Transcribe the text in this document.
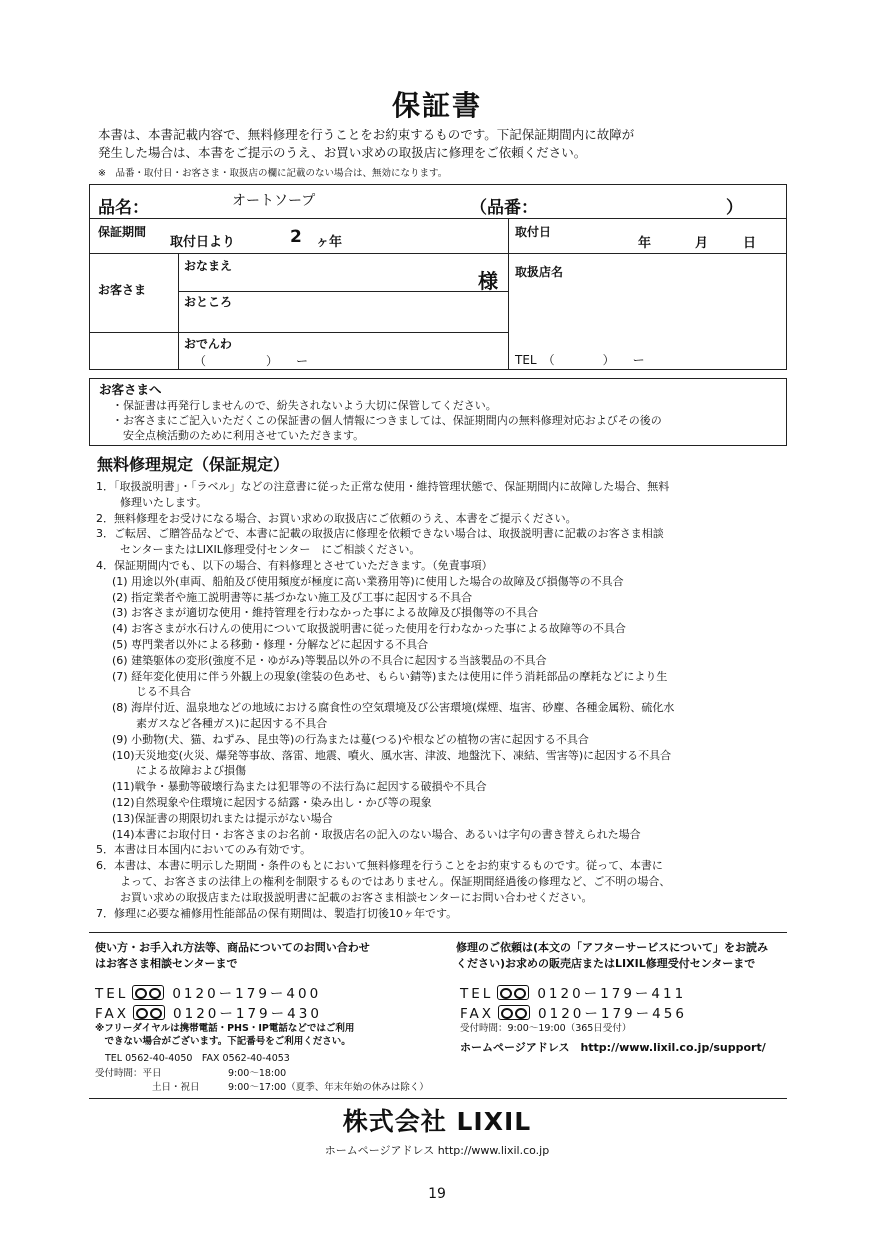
保証書
本書は、本書記載内容で、無料修理を行うことをお約束するものです。下記保証期間内に故障が
発生した場合は、本書をご提示のうえ、お買い求めの取扱店に修理をご依頼ください。
※　品番・取付日・お客さま・取扱店の欄に記載のない場合は、無効になります。
品名：	オートソープ	（品番：	）
保証期間
取付日より	2 ヶ年
取付日
年	月	日
お客さま
おなまえ
様
おところ
おでんわ
（　　　　　）　　ー
取扱店名
TEL　（　　　　）　　ー
お客さまへ
・保証書は再発行しませんので、紛失されないよう大切に保管してください。
・お客さまにご記入いただくこの保証書の個人情報につきましては、保証期間内の無料修理対応およびその後の
　安全点検活動のために利用させていただきます。
無料修理規定（保証規定）
1．「取扱説明書」・「ラベル」などの注意書に従った正常な使用・維持管理状態で、保証期間内に故障した場合、無料
修理いたします。
2．無料修理をお受けになる場合、お買い求めの取扱店にご依頼のうえ、本書をご提示ください。
3．ご転居、ご贈答品などで、本書に記載の取扱店に修理を依頼できない場合は、取扱説明書に記載のお客さま相談
センターまたはLIXIL修理受付センター　にご相談ください。
4．保証期間内でも、以下の場合、有料修理とさせていただきます。（免責事項）
(1) 用途以外(車両、船舶及び使用頻度が極度に高い業務用等)に使用した場合の故障及び損傷等の不具合
(2) 指定業者や施工説明書等に基づかない施工及び工事に起因する不具合
(3) お客さまが適切な使用・維持管理を行わなかった事による故障及び損傷等の不具合
(4) お客さまが水石けんの使用について取扱説明書に従った使用を行わなかった事による故障等の不具合
(5) 専門業者以外による移動・修理・分解などに起因する不具合
(6) 建築躯体の変形(強度不足・ゆがみ)等製品以外の不具合に起因する当該製品の不具合
(7) 経年変化使用に伴う外観上の現象(塗装の色あせ、もらい錆等)または使用に伴う消耗部品の摩耗などにより生
じる不具合
(8) 海岸付近、温泉地などの地域における腐食性の空気環境及び公害環境(煤煙、塩害、砂塵、各種金属粉、硫化水
素ガスなど各種ガス)に起因する不具合
(9) 小動物(犬、猫、ねずみ、昆虫等)の行為または蔓(つる)や根などの植物の害に起因する不具合
(10)天災地変(火災、爆発等事故、落雷、地震、噴火、風水害、津波、地盤沈下、凍結、雪害等)に起因する不具合
による故障および損傷
(11)戦争・暴動等破壊行為または犯罪等の不法行為に起因する破損や不具合
(12)自然現象や住環境に起因する結露・染み出し・かび等の現象
(13)保証書の期限切れまたは提示がない場合
(14)本書にお取付日・お客さまのお名前・取扱店名の記入のない場合、あるいは字句の書き替えられた場合
5．本書は日本国内においてのみ有効です。
6．本書は、本書に明示した期間・条件のもとにおいて無料修理を行うことをお約束するものです。従って、本書に
よって、お客さまの法律上の権利を制限するものではありません。保証期間経過後の修理など、ご不明の場合、
お買い求めの取扱店または取扱説明書に記載のお客さま相談センターにお問い合わせください。
7．修理に必要な補修用性能部品の保有期間は、製造打切後10ヶ年です。
使い方・お手入れ方法等、商品についてのお問い合わせ
はお客さま相談センターまで
TEL	0120ー179ー400
FAX	0120ー179ー430
※フリーダイヤルは携帯電話・PHS・IP電話などではご利用
　できない場合がございます。下記番号をご利用ください。
TEL 0562-40-4050　FAX 0562-40-4053
受付時間：平日	9:00〜18:00
土日・祝日	9:00〜17:00（夏季、年末年始の休みは除く）
修理のご依頼は(本文の「アフターサービスについて」をお読み
ください)お求めの販売店またはLIXIL修理受付センターまで
TEL	0120ー179ー411
FAX	0120ー179ー456
受付時間：9:00〜19:00（365日受付）
ホームページアドレス　http://www.lixil.co.jp/support/
株式会社 LIXIL
ホームページアドレス http://www.lixil.co.jp
19
